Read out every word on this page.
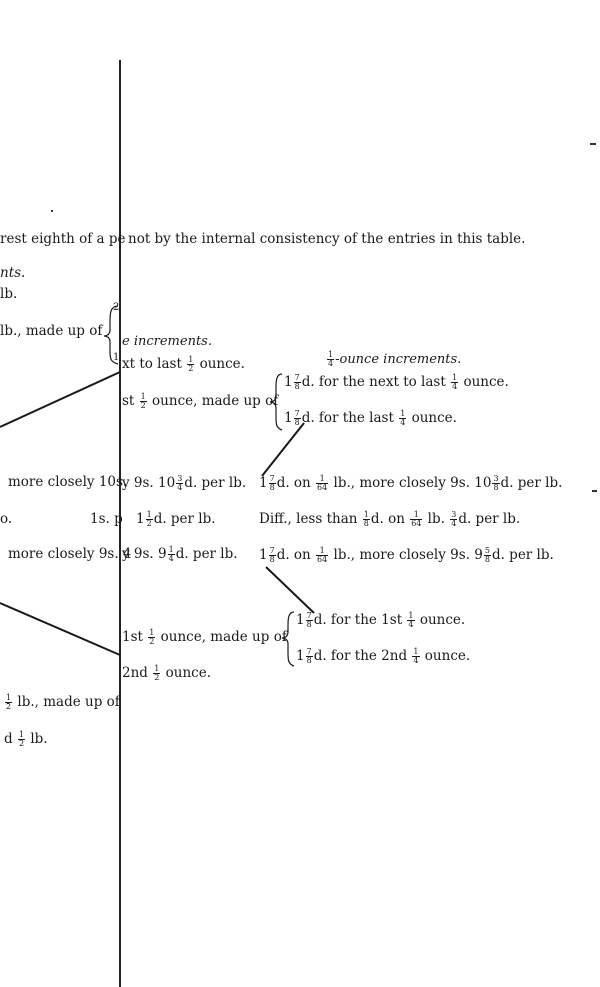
rest eighth of a pe
nts.
lb.
lb., made up of
2
1
more closely 10s.
o.	1s. p
more closely 9s. 4
$\frac{1}{2}$ lb., made up of
d $\frac{1}{2}$ lb.
e increments.
xt to last $\frac{1}{2}$ ounce.
st $\frac{1}{2}$ ounce, made up of
y 9s. $10 \frac{3}{4} d$. per lb.
$1 \frac{1}{2} d$. per lb.
y 9s. $9 \frac{1}{4} d$. per lb.
$1st \frac{1}{2}$ ounce, made up of
$2nd \frac{1}{2}$ ounce.
not by the internal consistency of the entries in this table.
$\frac{1}{4}$ -ounce increments.
$1 \frac{7}{8} d$. for the next to last $\frac{1}{4}$ ounce.
$1 \frac{7}{8} d$. for the last $\frac{1}{4}$ ounce.
$1 \frac{7}{8} d$. on $\frac{1}{64}$ lb., more closely 9s. $10 \frac{3}{8} d$. per lb.
Diff., less than $\frac{1}{8} d$. on $\frac{1}{64}$ lb. $\frac{3}{4} d$. per lb.
$1 \frac{7}{8} d$. on $\frac{1}{64}$ lb., more closely 9s. $9 \frac{5}{8} d$. per lb.
$1 \frac{7}{8} d$. for the $1st \frac{1}{4}$ ounce.
$1 \frac{7}{8} d$. for the $2nd \frac{1}{4}$ ounce.
